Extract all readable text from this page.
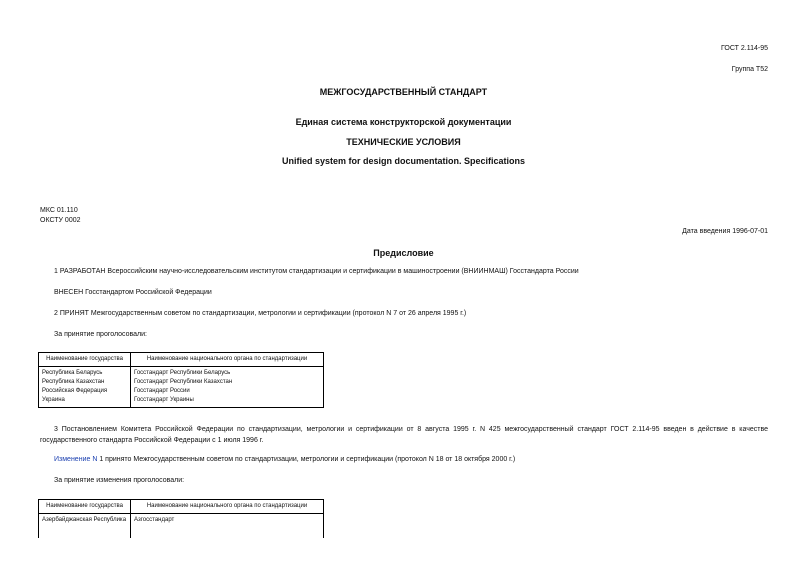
ГОСТ 2.114-95
Группа Т52
МЕЖГОСУДАРСТВЕННЫЙ СТАНДАРТ
Единая система конструкторской документации
ТЕХНИЧЕСКИЕ УСЛОВИЯ
Unified system for design documentation. Specifications
МКС 01.110
ОКСТУ 0002
Дата введения 1996-07-01
Предисловие
1 РАЗРАБОТАН Всероссийским научно-исследовательским институтом стандартизации и сертификации в машиностроении (ВНИИНМАШ) Госстандарта России
ВНЕСЕН Госстандартом Российской Федерации
2 ПРИНЯТ Межгосударственным советом по стандартизации, метрологии и сертификации (протокол N 7 от 26 апреля 1995 г.)
За принятие проголосовали:
Наименование государства	Наименование национального органа по стандартизации
Республика Беларусь	Госстандарт Республики Беларусь
Республика Казахстан	Госстандарт Республики Казахстан
Российская Федерация	Госстандарт России
Украина	Госстандарт Украины
3 Постановлением Комитета Российской Федерации по стандартизации, метрологии и сертификации от 8 августа 1995 г. N 425 межгосударственный стандарт ГОСТ 2.114-95 введен в действие в качестве государственного стандарта Российской Федерации с 1 июля 1996 г.
Изменение N 1 принято Межгосударственным советом по стандартизации, метрологии и сертификации (протокол N 18 от 18 октября 2000 г.)
За принятие изменения проголосовали:
Наименование государства	Наименование национального органа по стандартизации
Азербайджанская Республика	Азгосстандарт
